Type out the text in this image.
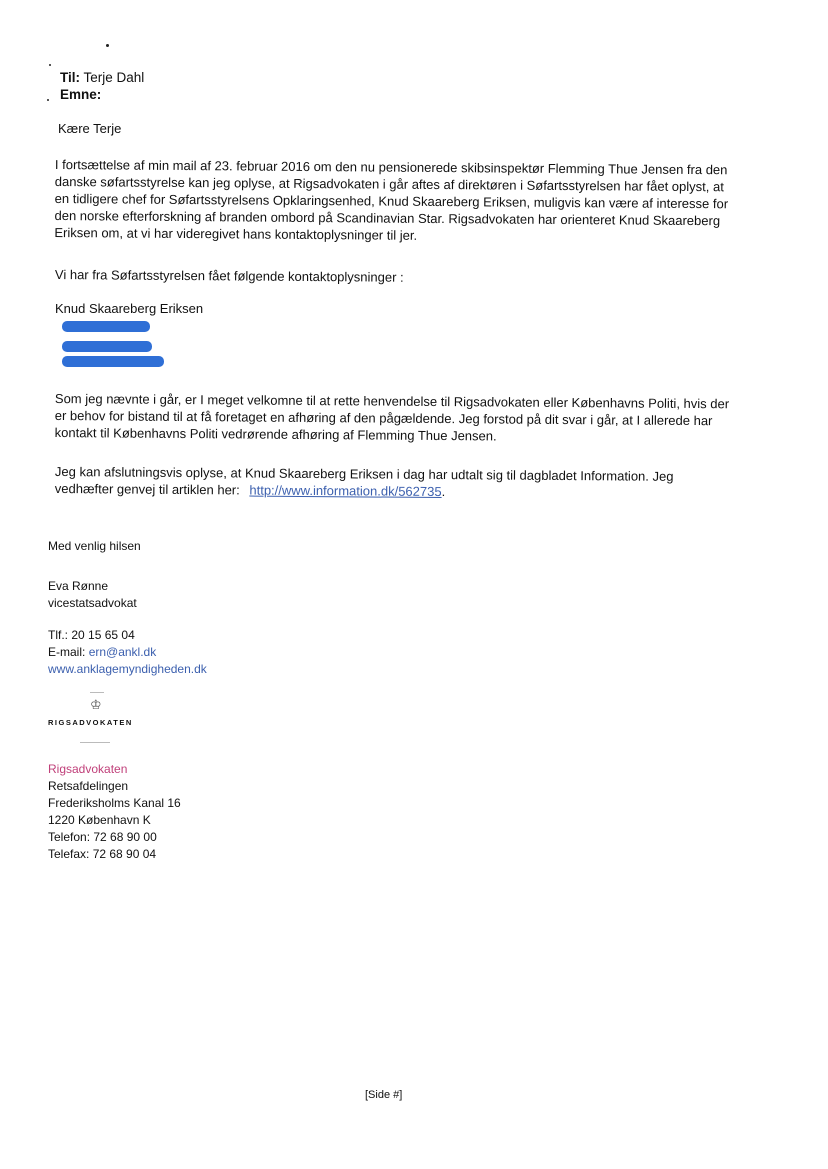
Til: Terje Dahl
Emne:
Kære Terje
I fortsættelse af min mail af 23. februar 2016 om den nu pensionerede skibsinspektør Flemming Thue Jensen fra den
danske søfartsstyrelse kan jeg oplyse, at Rigsadvokaten i går aftes af direktøren i Søfartsstyrelsen har fået oplyst, at
en tidligere chef for Søfartsstyrelsens Opklaringsenhed, Knud Skaareberg Eriksen, muligvis kan være af interesse for
den norske efterforskning af branden ombord på Scandinavian Star. Rigsadvokaten har orienteret Knud Skaareberg
Eriksen om, at vi har videregivet hans kontaktoplysninger til jer.
Vi har fra Søfartsstyrelsen fået følgende kontaktoplysninger :
Knud Skaareberg Eriksen
Som jeg nævnte i går, er I meget velkomne til at rette henvendelse til Rigsadvokaten eller Københavns Politi, hvis der
er behov for bistand til at få foretaget en afhøring af den pågældende. Jeg forstod på dit svar i går, at I allerede har
kontakt til Københavns Politi vedrørende afhøring af Flemming Thue Jensen.
Jeg kan afslutningsvis oplyse, at Knud Skaareberg Eriksen i dag har udtalt sig til dagbladet Information. Jeg
vedhæfter genvej til artiklen her: http://www.information.dk/562735.
Med venlig hilsen
Eva Rønne
vicestatsadvokat
Tlf.: 20 15 65 04
E-mail: ern@ankl.dk
www.anklagemyndigheden.dk
♔
RIGSADVOKATEN
Rigsadvokaten
Retsafdelingen
Frederiksholms Kanal 16
1220 København K
Telefon: 72 68 90 00
Telefax: 72 68 90 04
[Side #]
